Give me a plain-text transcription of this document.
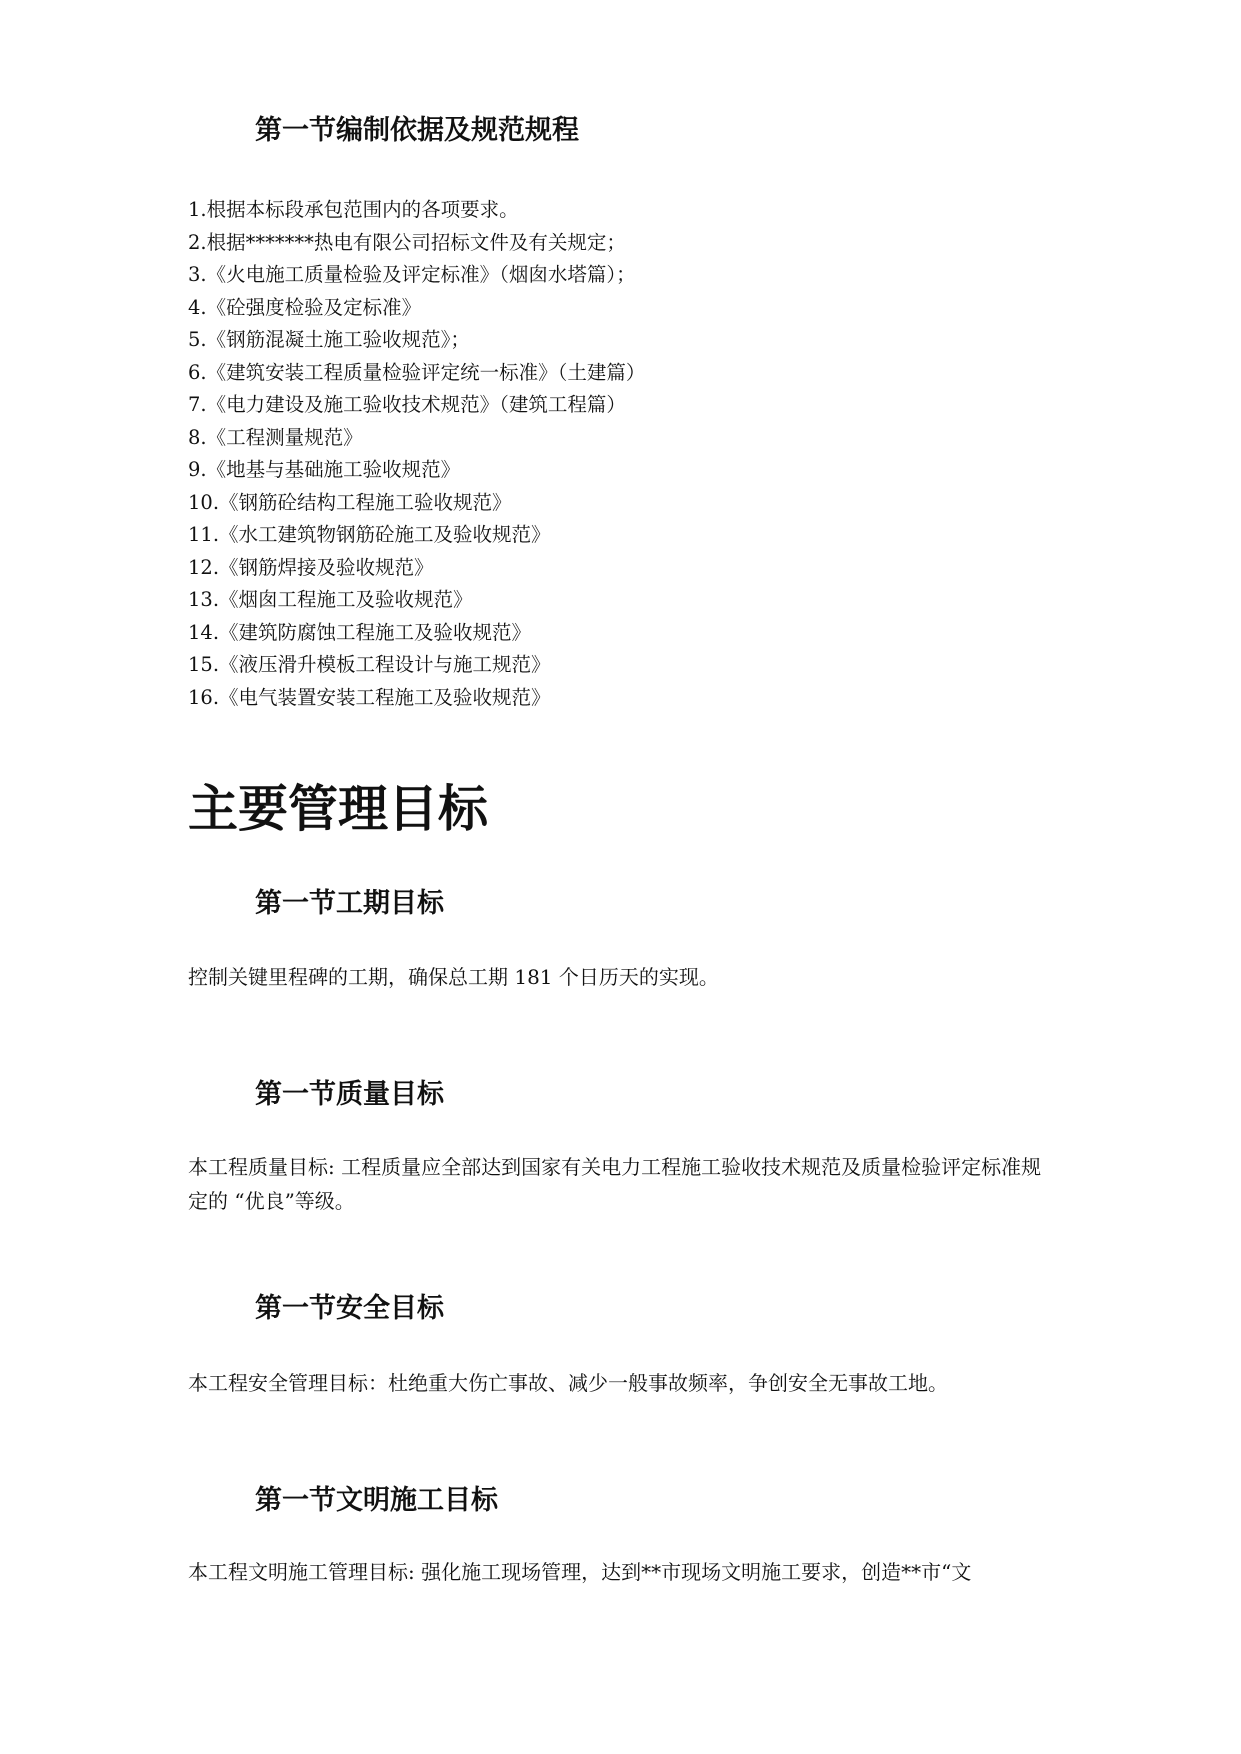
第一节编制依据及规范规程
1.根据本标段承包范围内的各项要求。
2.根据*******热电有限公司招标文件及有关规定；
3.《火电施工质量检验及评定标准》（烟囱水塔篇）；
4.《砼强度检验及定标准》
5.《钢筋混凝土施工验收规范》；
6.《建筑安装工程质量检验评定统一标准》（土建篇）
7.《电力建设及施工验收技术规范》（建筑工程篇）
8.《工程测量规范》
9.《地基与基础施工验收规范》
10.《钢筋砼结构工程施工验收规范》
11.《水工建筑物钢筋砼施工及验收规范》
12.《钢筋焊接及验收规范》
13.《烟囱工程施工及验收规范》
14.《建筑防腐蚀工程施工及验收规范》
15.《液压滑升模板工程设计与施工规范》
16.《电气装置安装工程施工及验收规范》
主要管理目标
第一节工期目标

控制关键里程碑的工期，确保总工期 181 个日历天的实现。

第一节质量目标

本工程质量目标: 工程质量应全部达到国家有关电力工程施工验收技术规范及质量检验评定标准规定的 “优良”等级。

第一节安全目标

本工程安全管理目标：杜绝重大伤亡事故、减少一般事故频率，争创安全无事故工地。

第一节文明施工目标

本工程文明施工管理目标: 强化施工现场管理，达到**市现场文明施工要求，创造**市“文
